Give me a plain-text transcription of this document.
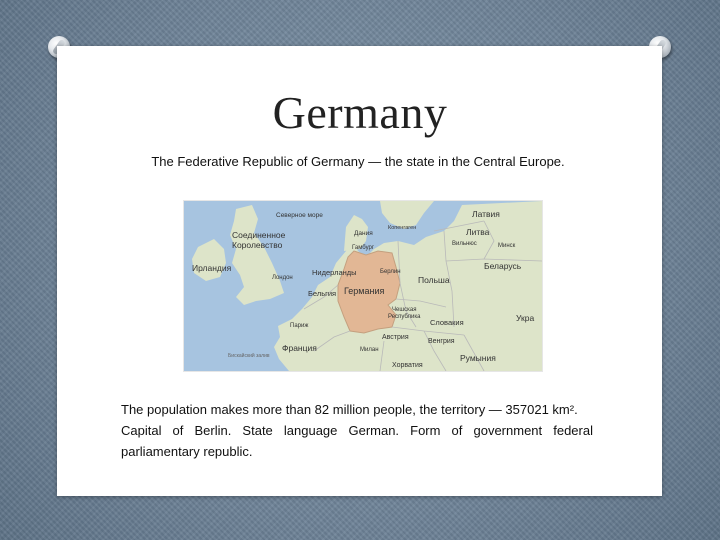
Germany
The Federative Republic of Germany — the state in the Central Europe.
Северное море
Соединенное
Королевство
Ирландия
Лондон
Нидерланды
Бельгия Германия
Дания
Копенгаген
Гамбург
Берлин
Польша
Латвия
Литва
Вильнюс	Минск
Беларусь
Чешская
Республика
Словакия	Укра
Франция
Париж
Австрия
Венгрия
Румыния
Хорватия
Милан
Бискайский залив

The population makes more than 82 million people, the territory — 357021 km².

Capital of Berlin. State language German. Form of government federal parliamentary republic.
